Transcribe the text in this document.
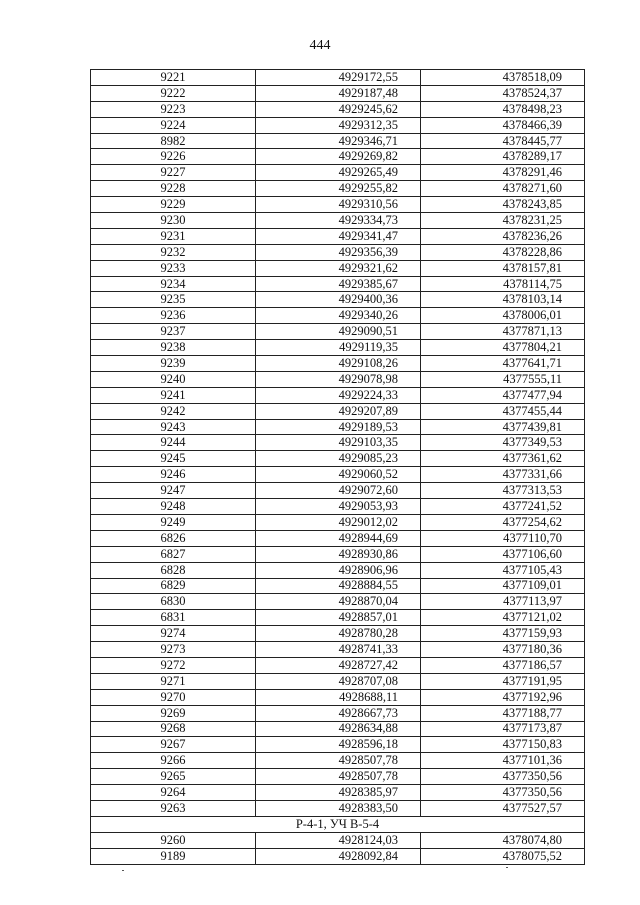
444
9221	4929172,55	4378518,09
9222	4929187,48	4378524,37
9223	4929245,62	4378498,23
9224	4929312,35	4378466,39
8982	4929346,71	4378445,77
9226	4929269,82	4378289,17
9227	4929265,49	4378291,46
9228	4929255,82	4378271,60
9229	4929310,56	4378243,85
9230	4929334,73	4378231,25
9231	4929341,47	4378236,26
9232	4929356,39	4378228,86
9233	4929321,62	4378157,81
9234	4929385,67	4378114,75
9235	4929400,36	4378103,14
9236	4929340,26	4378006,01
9237	4929090,51	4377871,13
9238	4929119,35	4377804,21
9239	4929108,26	4377641,71
9240	4929078,98	4377555,11
9241	4929224,33	4377477,94
9242	4929207,89	4377455,44
9243	4929189,53	4377439,81
9244	4929103,35	4377349,53
9245	4929085,23	4377361,62
9246	4929060,52	4377331,66
9247	4929072,60	4377313,53
9248	4929053,93	4377241,52
9249	4929012,02	4377254,62
6826	4928944,69	4377110,70
6827	4928930,86	4377106,60
6828	4928906,96	4377105,43
6829	4928884,55	4377109,01
6830	4928870,04	4377113,97
6831	4928857,01	4377121,02
9274	4928780,28	4377159,93
9273	4928741,33	4377180,36
9272	4928727,42	4377186,57
9271	4928707,08	4377191,95
9270	4928688,11	4377192,96
9269	4928667,73	4377188,77
9268	4928634,88	4377173,87
9267	4928596,18	4377150,83
9266	4928507,78	4377101,36
9265	4928507,78	4377350,56
9264	4928385,97	4377350,56
9263	4928383,50	4377527,57
Р-4-1, УЧ В-5-4		
9260	4928124,03	4378074,80
9189	4928092,84	4378075,52
